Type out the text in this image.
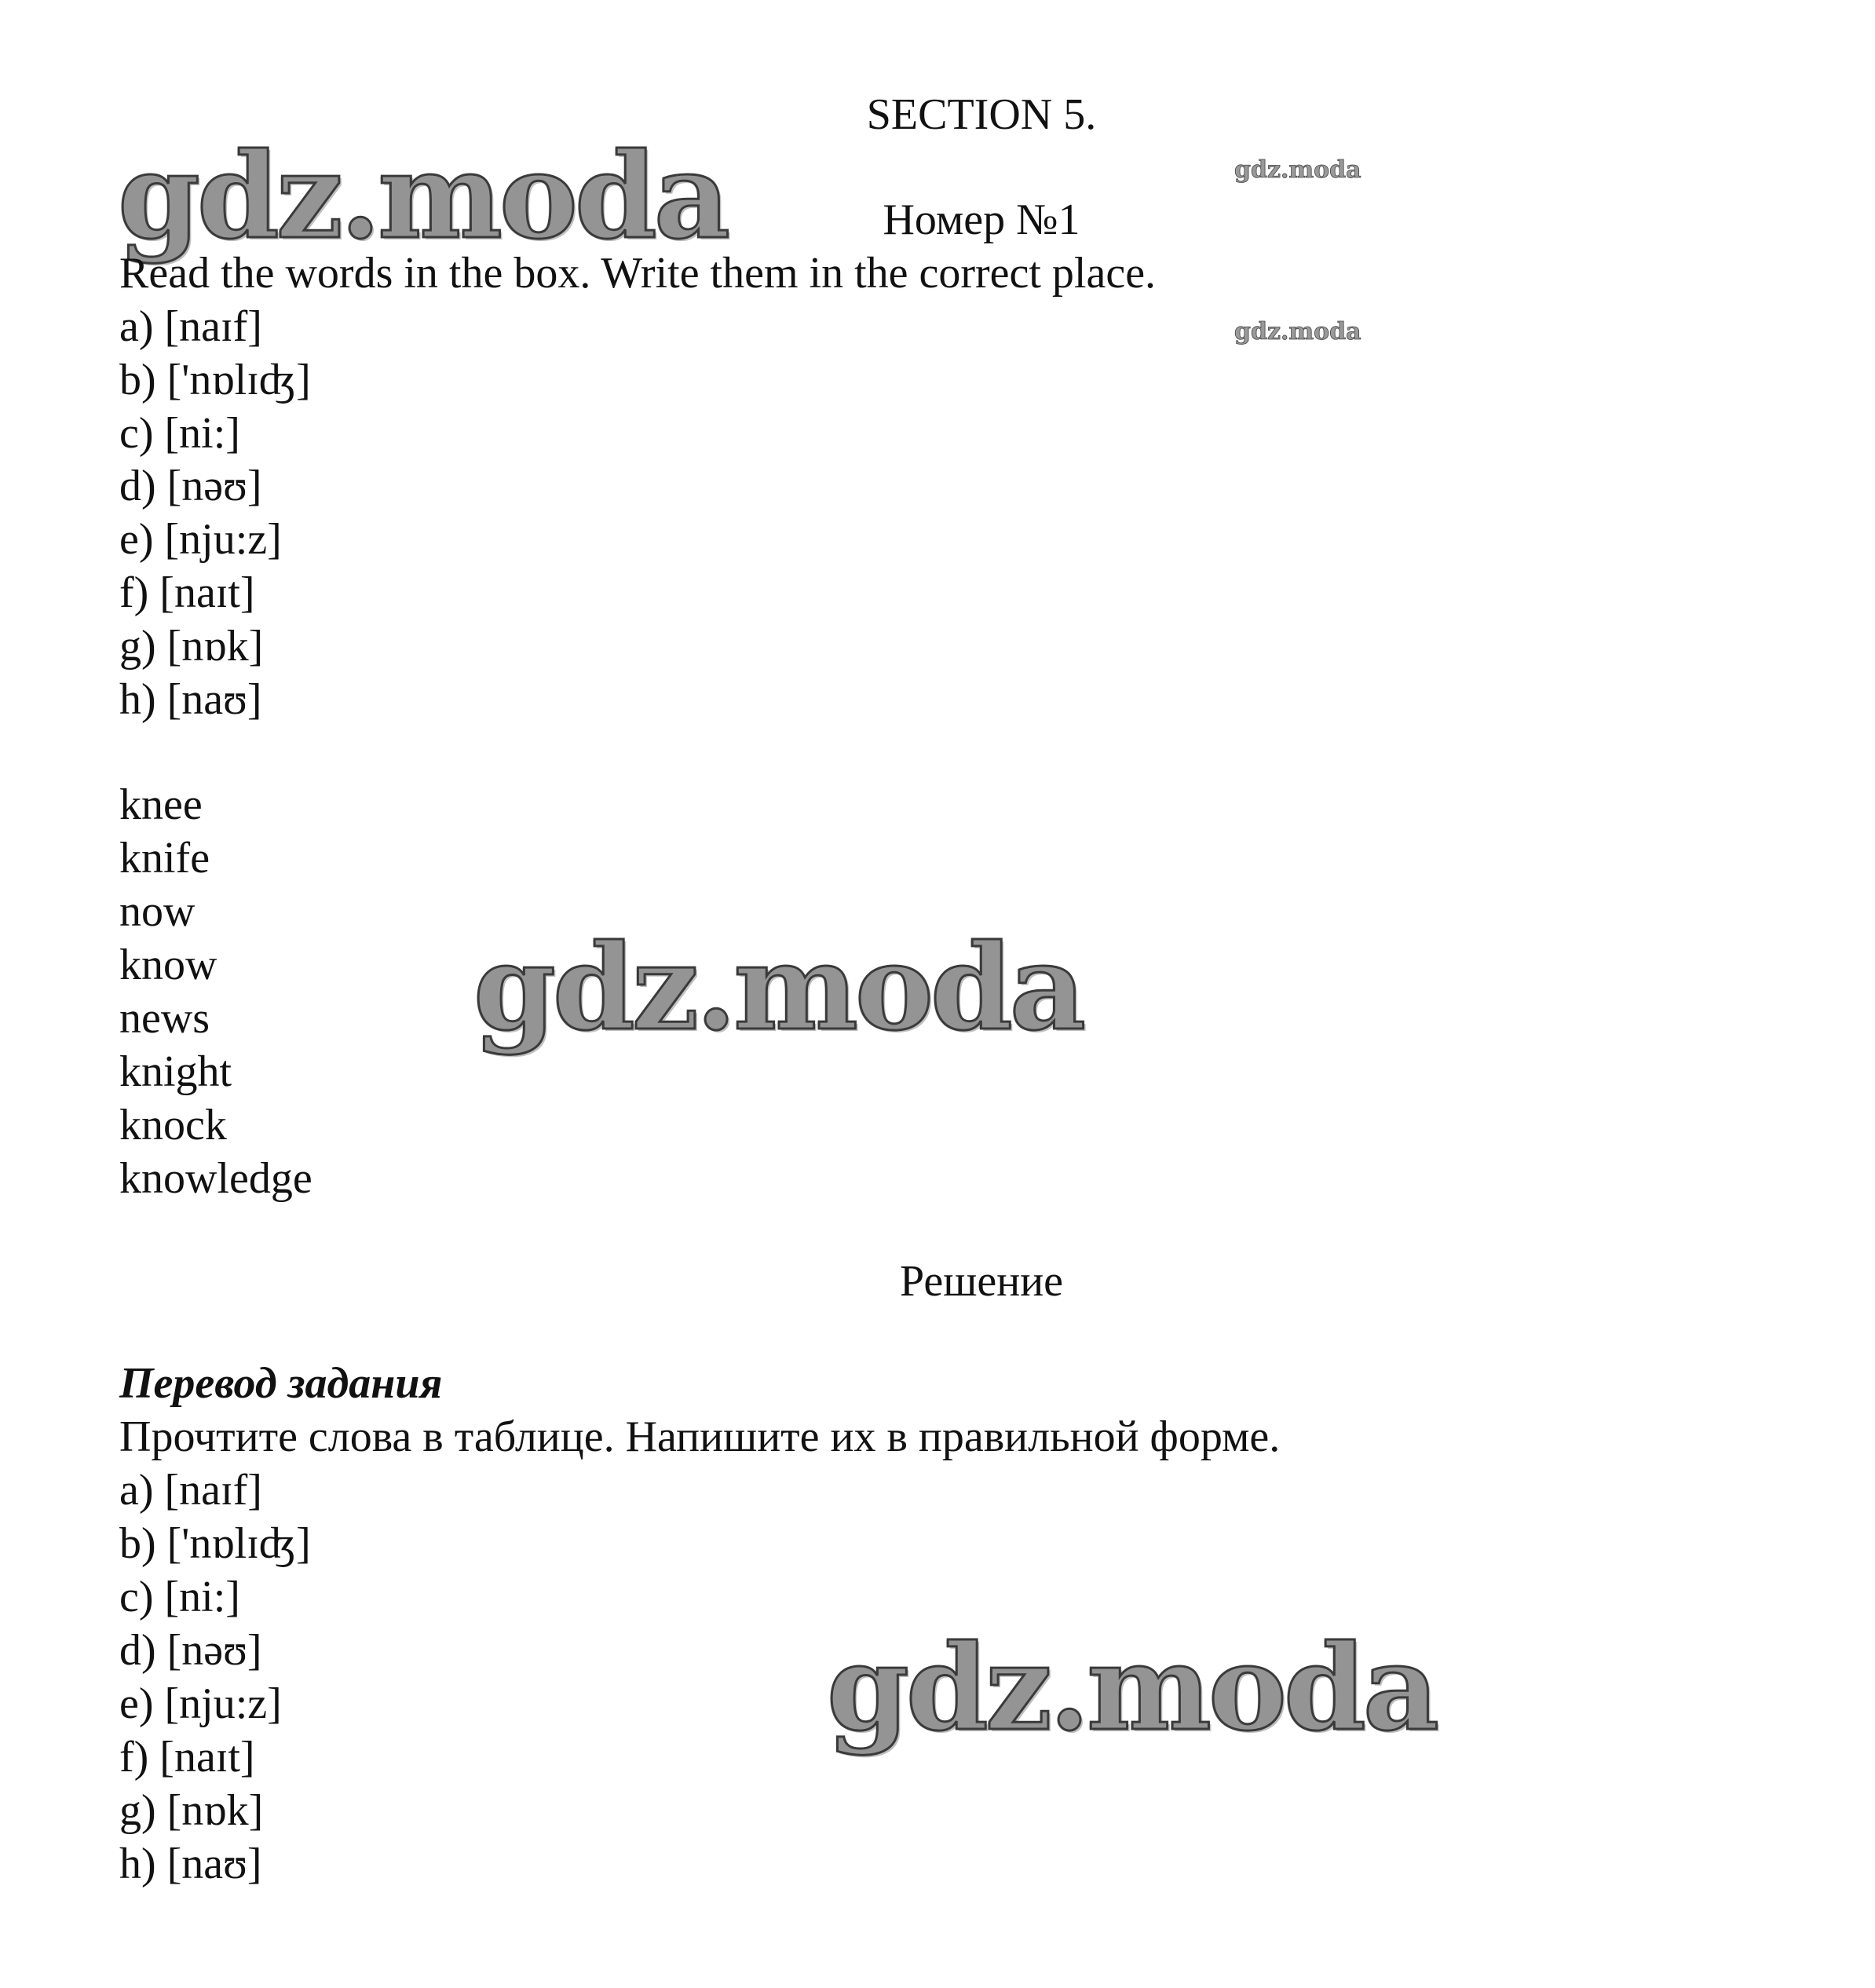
gdz.moda	gdz.moda
gdz.moda
gdz.moda
gdz.moda
SECTION 5.
Номер №1
Read the words in the box. Write them in the correct place.
a) [naɪf]
b) ['nɒlɪʤ]
c) [ni:]
d) [nəʊ]
e) [nju:z]
f) [naɪt]
g) [nɒk]
h) [naʊ]
knee
knife
now
know
news
knight
knock
knowledge
Решение
Перевод задания
Прочтите слова в таблице. Напишите их в правильной форме.
a) [naɪf]
b) ['nɒlɪʤ]
c) [ni:]
d) [nəʊ]
e) [nju:z]
f) [naɪt]
g) [nɒk]
h) [naʊ]
